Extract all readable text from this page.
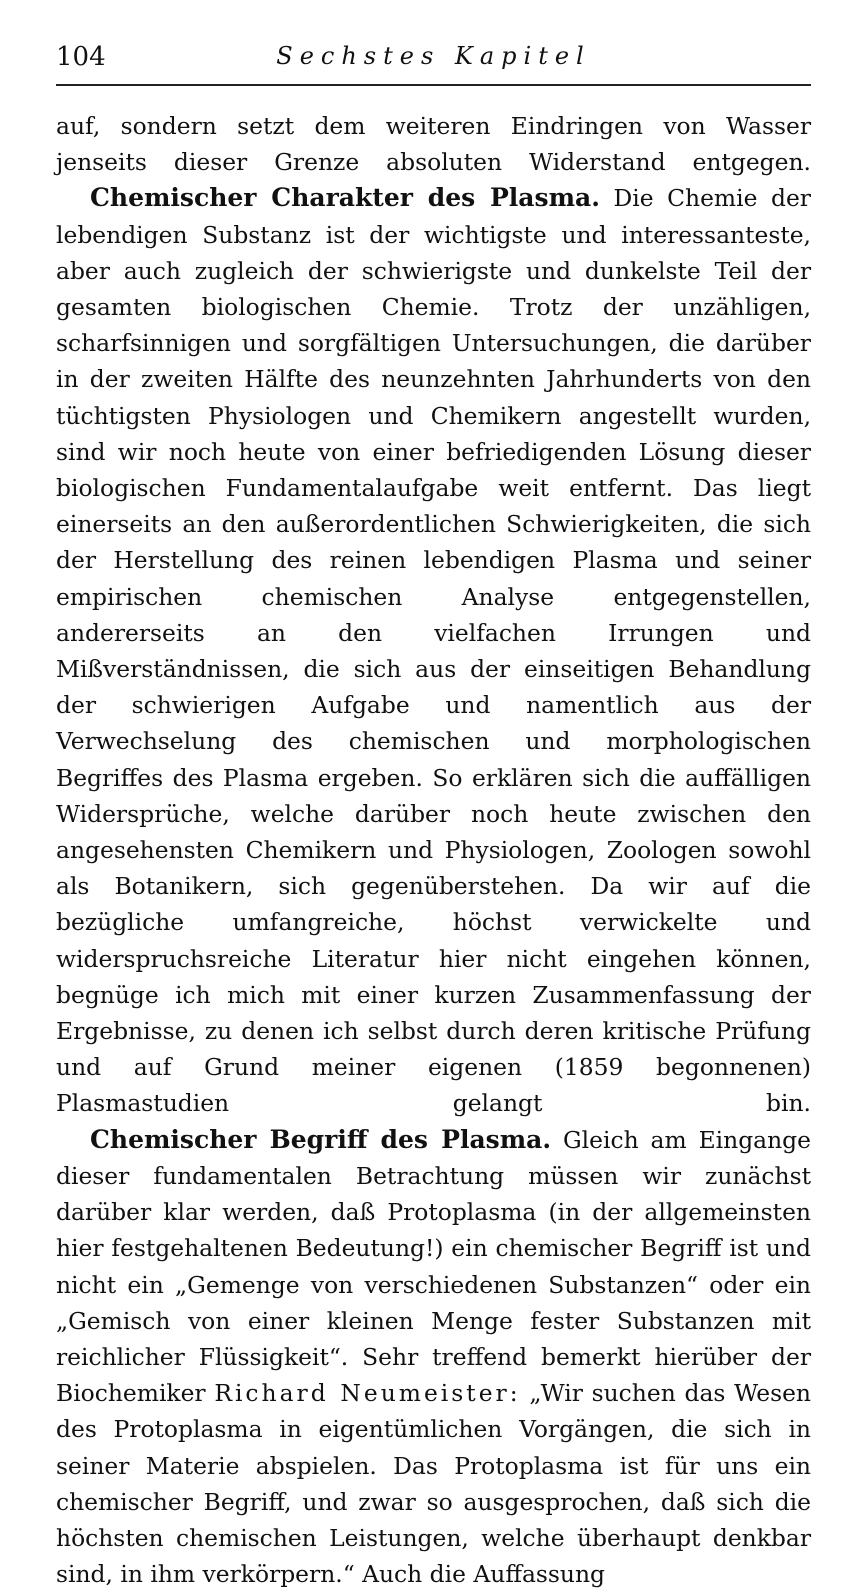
104	Sechstes Kapitel

auf, sondern setzt dem weiteren Eindringen von Wasser jenseits dieser Grenze absoluten Widerstand entgegen.

Chemischer Charakter des Plasma. Die Chemie der lebendigen Substanz ist der wichtigste und interessanteste, aber auch zugleich der schwierigste und dunkelste Teil der gesamten biologischen Chemie. Trotz der unzähligen, scharfsinnigen und sorgfältigen Untersuchungen, die darüber in der zweiten Hälfte des neunzehnten Jahrhunderts von den tüchtigsten Physiologen und Chemikern angestellt wurden, sind wir noch heute von einer befriedigenden Lösung dieser biologischen Fundamentalaufgabe weit entfernt. Das liegt einerseits an den außerordentlichen Schwierigkeiten, die sich der Herstellung des reinen lebendigen Plasma und seiner empirischen chemischen Analyse entgegenstellen, andererseits an den vielfachen Irrungen und Mißverständnissen, die sich aus der einseitigen Behandlung der schwierigen Aufgabe und namentlich aus der Verwechselung des chemischen und morphologischen Begriffes des Plasma ergeben. So erklären sich die auffälligen Widersprüche, welche darüber noch heute zwischen den angesehensten Chemikern und Physiologen, Zoologen sowohl als Botanikern, sich gegenüberstehen. Da wir auf die bezügliche umfangreiche, höchst verwickelte und widerspruchsreiche Literatur hier nicht eingehen können, begnüge ich mich mit einer kurzen Zusammenfassung der Ergebnisse, zu denen ich selbst durch deren kritische Prüfung und auf Grund meiner eigenen (1859 begonnenen) Plasmastudien gelangt bin.

Chemischer Begriff des Plasma. Gleich am Eingange dieser fundamentalen Betrachtung müssen wir zunächst darüber klar werden, daß Protoplasma (in der allgemeinsten hier festgehaltenen Bedeutung!) ein chemischer Begriff ist und nicht ein „Gemenge von verschiedenen Substanzen“ oder ein „Gemisch von einer kleinen Menge fester Substanzen mit reichlicher Flüssigkeit“. Sehr treffend bemerkt hierüber der Biochemiker Richard Neumeister: „Wir suchen das Wesen des Protoplasma in eigentümlichen Vorgängen, die sich in seiner Materie abspielen. Das Protoplasma ist für uns ein chemischer Begriff, und zwar so ausgesprochen, daß sich die höchsten chemischen Leistungen, welche überhaupt denkbar sind, in ihm verkörpern.“ Auch die Auffassung
